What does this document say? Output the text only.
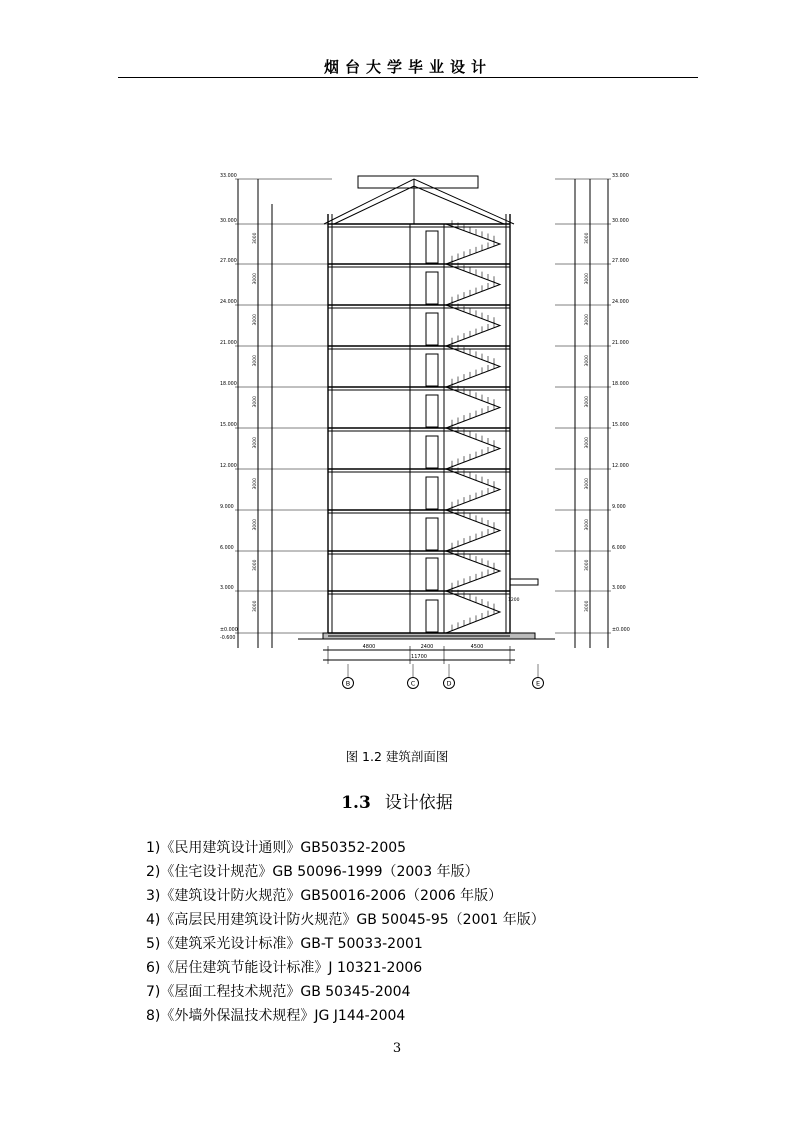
烟台大学毕业设计
33.000
30.000
27.000
24.000
21.000
18.000
15.000
12.000
9.000
6.000
3.000
±0.000
-0.600
33.000
30.000
27.000
24.000
21.000
18.000
15.000
12.000
9.000
6.000
3.000
±0.000
3000	3000
3000	3000
3000	3000
3000	3000
3000	3000
3000	3000
3000	3000
3000	3000
3000	3000
3000	3000
1200
4800	2400	4500
11700
B	C	D	E
图 1.2 建筑剖面图
1.3 设计依据
1)《民用建筑设计通则》GB50352-2005
2)《住宅设计规范》GB 50096-1999（2003 年版）
3)《建筑设计防火规范》GB50016-2006（2006 年版）
4)《高层民用建筑设计防火规范》GB 50045-95（2001 年版）
5)《建筑采光设计标准》GB-T 50033-2001
6)《居住建筑节能设计标准》J 10321-2006
7)《屋面工程技术规范》GB 50345-2004
8)《外墙外保温技术规程》JG J144-2004
3
